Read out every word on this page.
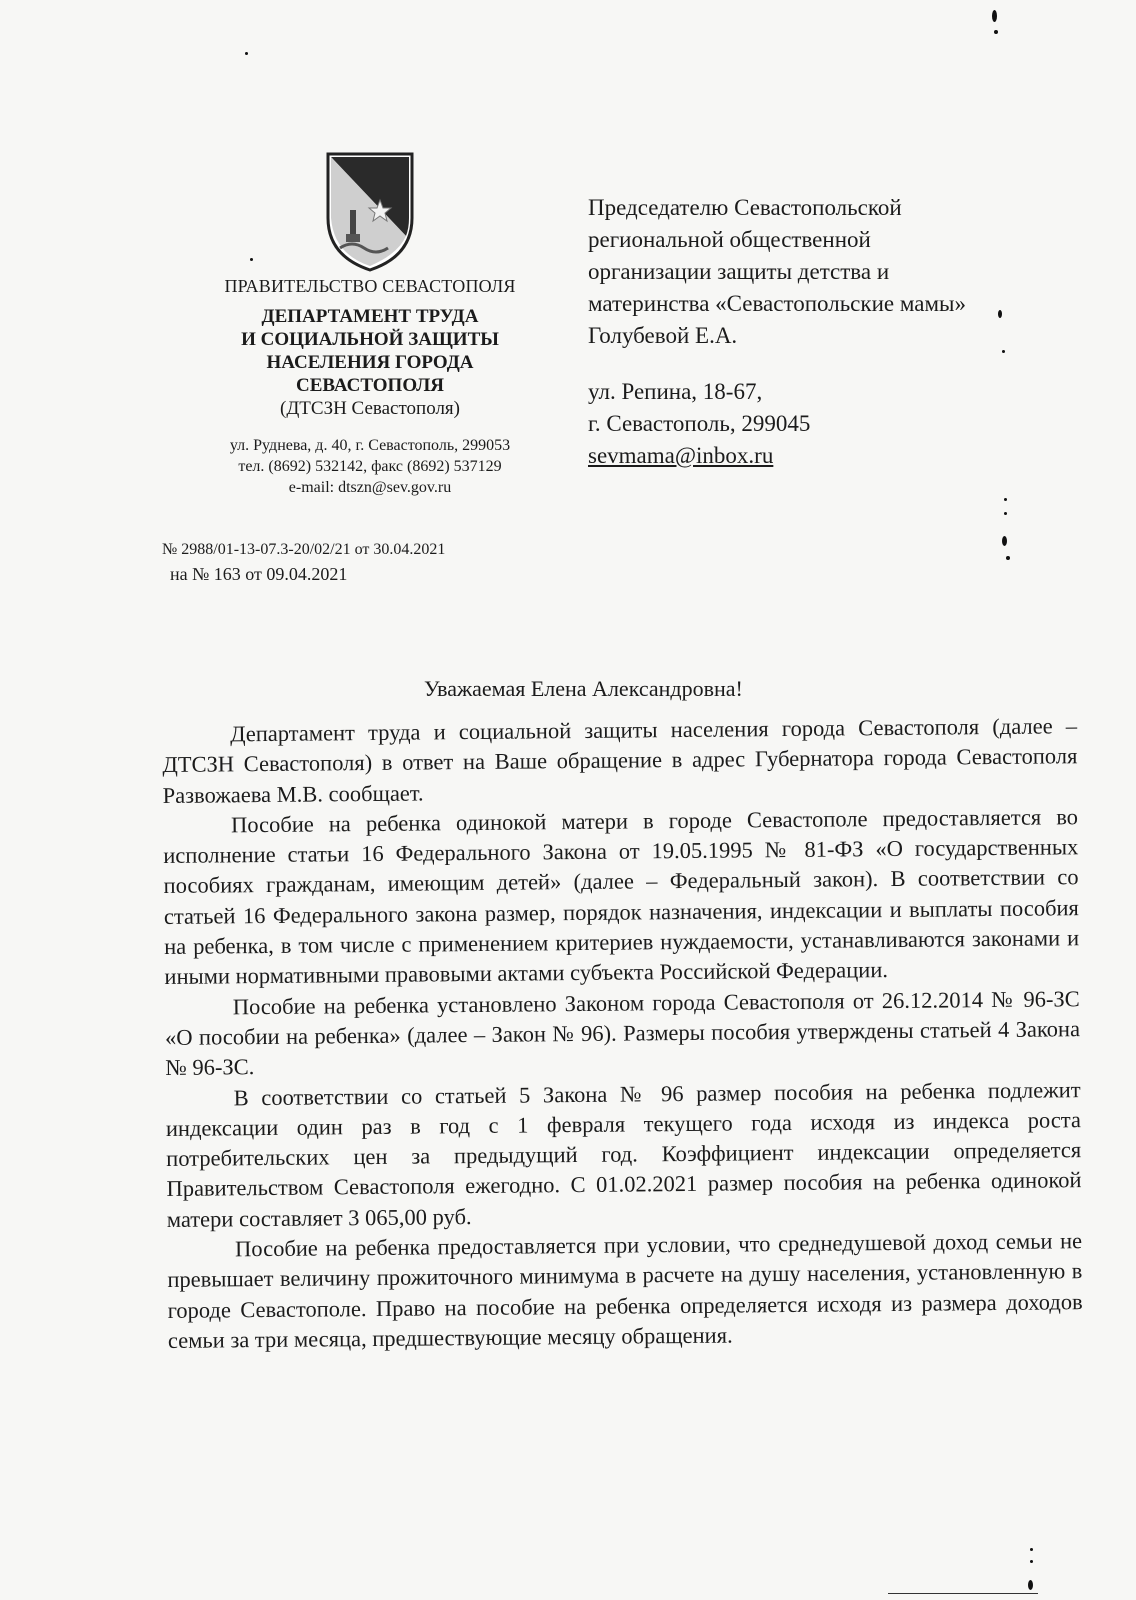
ПРАВИТЕЛЬСТВО СЕВАСТОПОЛЯ
ДЕПАРТАМЕНТ ТРУДА
И СОЦИАЛЬНОЙ ЗАЩИТЫ
НАСЕЛЕНИЯ ГОРОДА
СЕВАСТОПОЛЯ
(ДТСЗН Севастополя)
ул. Руднева, д. 40, г. Севастополь, 299053
тел. (8692) 532142, факс (8692) 537129
e-mail: dtszn@sev.gov.ru
№ 2988/01-13-07.3-20/02/21 от 30.04.2021
на № 163 от 09.04.2021
Председателю Севастопольской
региональной общественной
организации защиты детства и
материнства «Севастопольские мамы»
Голубевой Е.А.
ул. Репина, 18-67,
г. Севастополь, 299045
sevmama@inbox.ru
Уважаемая Елена Александровна!

Департамент труда и социальной защиты населения города Севастополя (далее – ДТСЗН Севастополя) в ответ на Ваше обращение в адрес Губернатора города Севастополя Развожаева М.В. сообщает.

Пособие на ребенка одинокой матери в городе Севастополе предоставляется во исполнение статьи 16 Федерального Закона от 19.05.1995 № 81-ФЗ «О государственных пособиях гражданам, имеющим детей» (далее – Федеральный закон). В соответствии со статьей 16 Федерального закона размер, порядок назначения, индексации и выплаты пособия на ребенка, в том числе с применением критериев нуждаемости, устанавливаются законами и иными нормативными правовыми актами субъекта Российской Федерации.

Пособие на ребенка установлено Законом города Севастополя от 26.12.2014 № 96-ЗС «О пособии на ребенка» (далее – Закон № 96). Размеры пособия утверждены статьей 4 Закона № 96-ЗС.

В соответствии со статьей 5 Закона № 96 размер пособия на ребенка подлежит индексации один раз в год с 1 февраля текущего года исходя из индекса роста потребительских цен за предыдущий год. Коэффициент индексации определяется Правительством Севастополя ежегодно. С 01.02.2021 размер пособия на ребенка одинокой матери составляет 3 065,00 руб.

Пособие на ребенка предоставляется при условии, что среднедушевой доход семьи не превышает величину прожиточного минимума в расчете на душу населения, установленную в городе Севастополе. Право на пособие на ребенка определяется исходя из размера доходов семьи за три месяца, предшествующие месяцу обращения.
